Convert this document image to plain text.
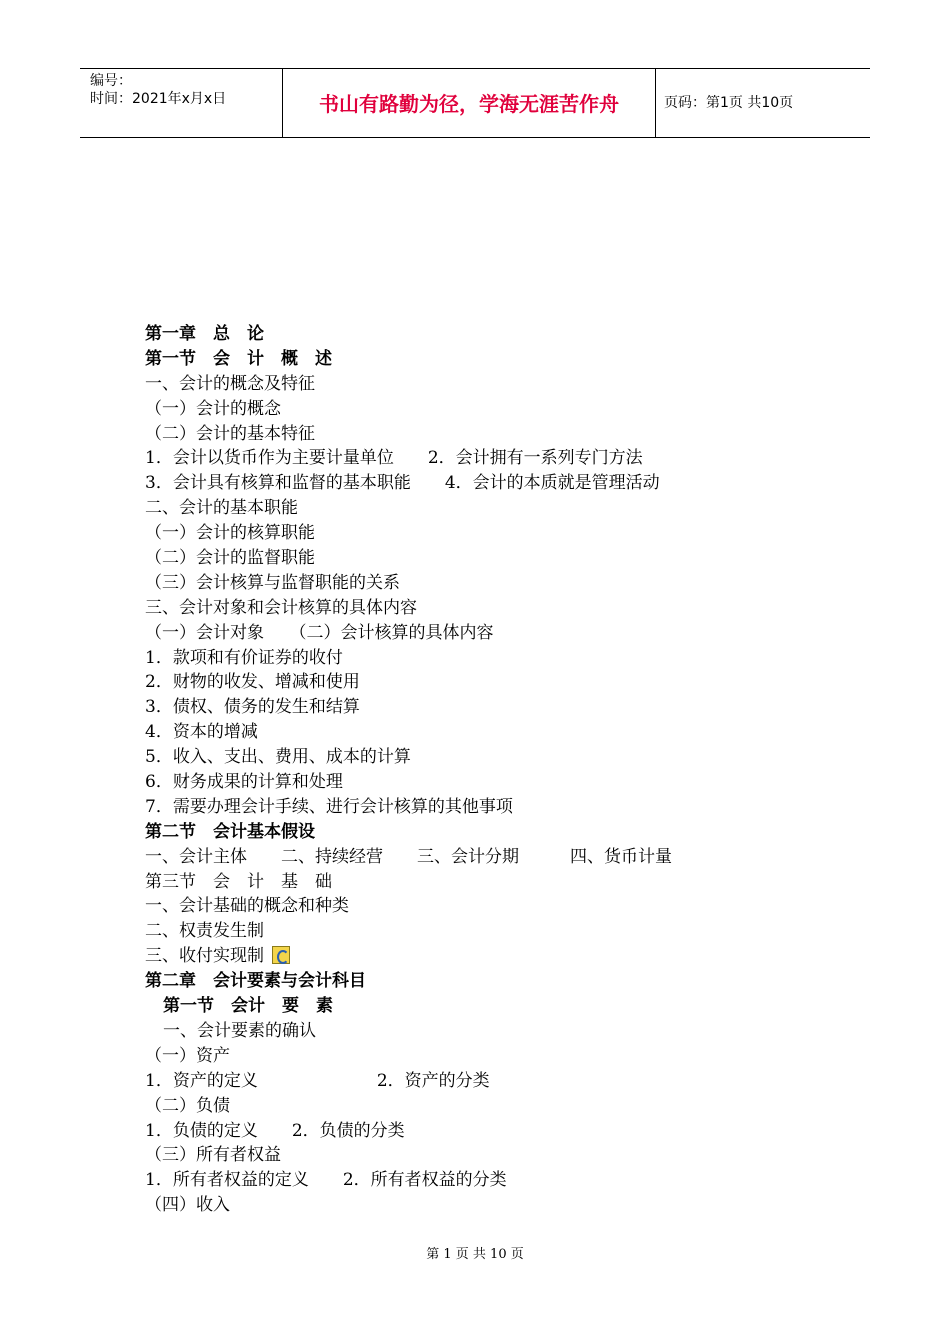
编号：
时间：2021年x月x日	书山有路勤为径，学海无涯苦作舟	页码：第1页 共10页
第一章　总　论
第一节　会　计　概　述
一、会计的概念及特征
（一）会计的概念
（二）会计的基本特征
1．会计以货币作为主要计量单位　　2．会计拥有一系列专门方法
3．会计具有核算和监督的基本职能　　4．会计的本质就是管理活动
二、会计的基本职能
（一）会计的核算职能
（二）会计的监督职能
（三）会计核算与监督职能的关系
三、会计对象和会计核算的具体内容
（一）会计对象　　（二）会计核算的具体内容
1．款项和有价证券的收付
2．财物的收发、增减和使用
3．债权、债务的发生和结算
4．资本的增减
5．收入、支出、费用、成本的计算
6．财务成果的计算和处理
7．需要办理会计手续、进行会计核算的其他事项
第二节　会计基本假设
一、会计主体　　二、持续经营　　三、会计分期　　　四、货币计量
第三节　会　计　基　础
一、会计基础的概念和种类
二、权责发生制
三、收付实现制
第二章　会计要素与会计科目
第一节　会计　要　素
一、会计要素的确认
（一）资产
1．资产的定义　　　　　　　2．资产的分类
（二）负债
1．负债的定义　　2．负债的分类
（三）所有者权益
1．所有者权益的定义　　2．所有者权益的分类
（四）收入
第 1 页 共 10 页
